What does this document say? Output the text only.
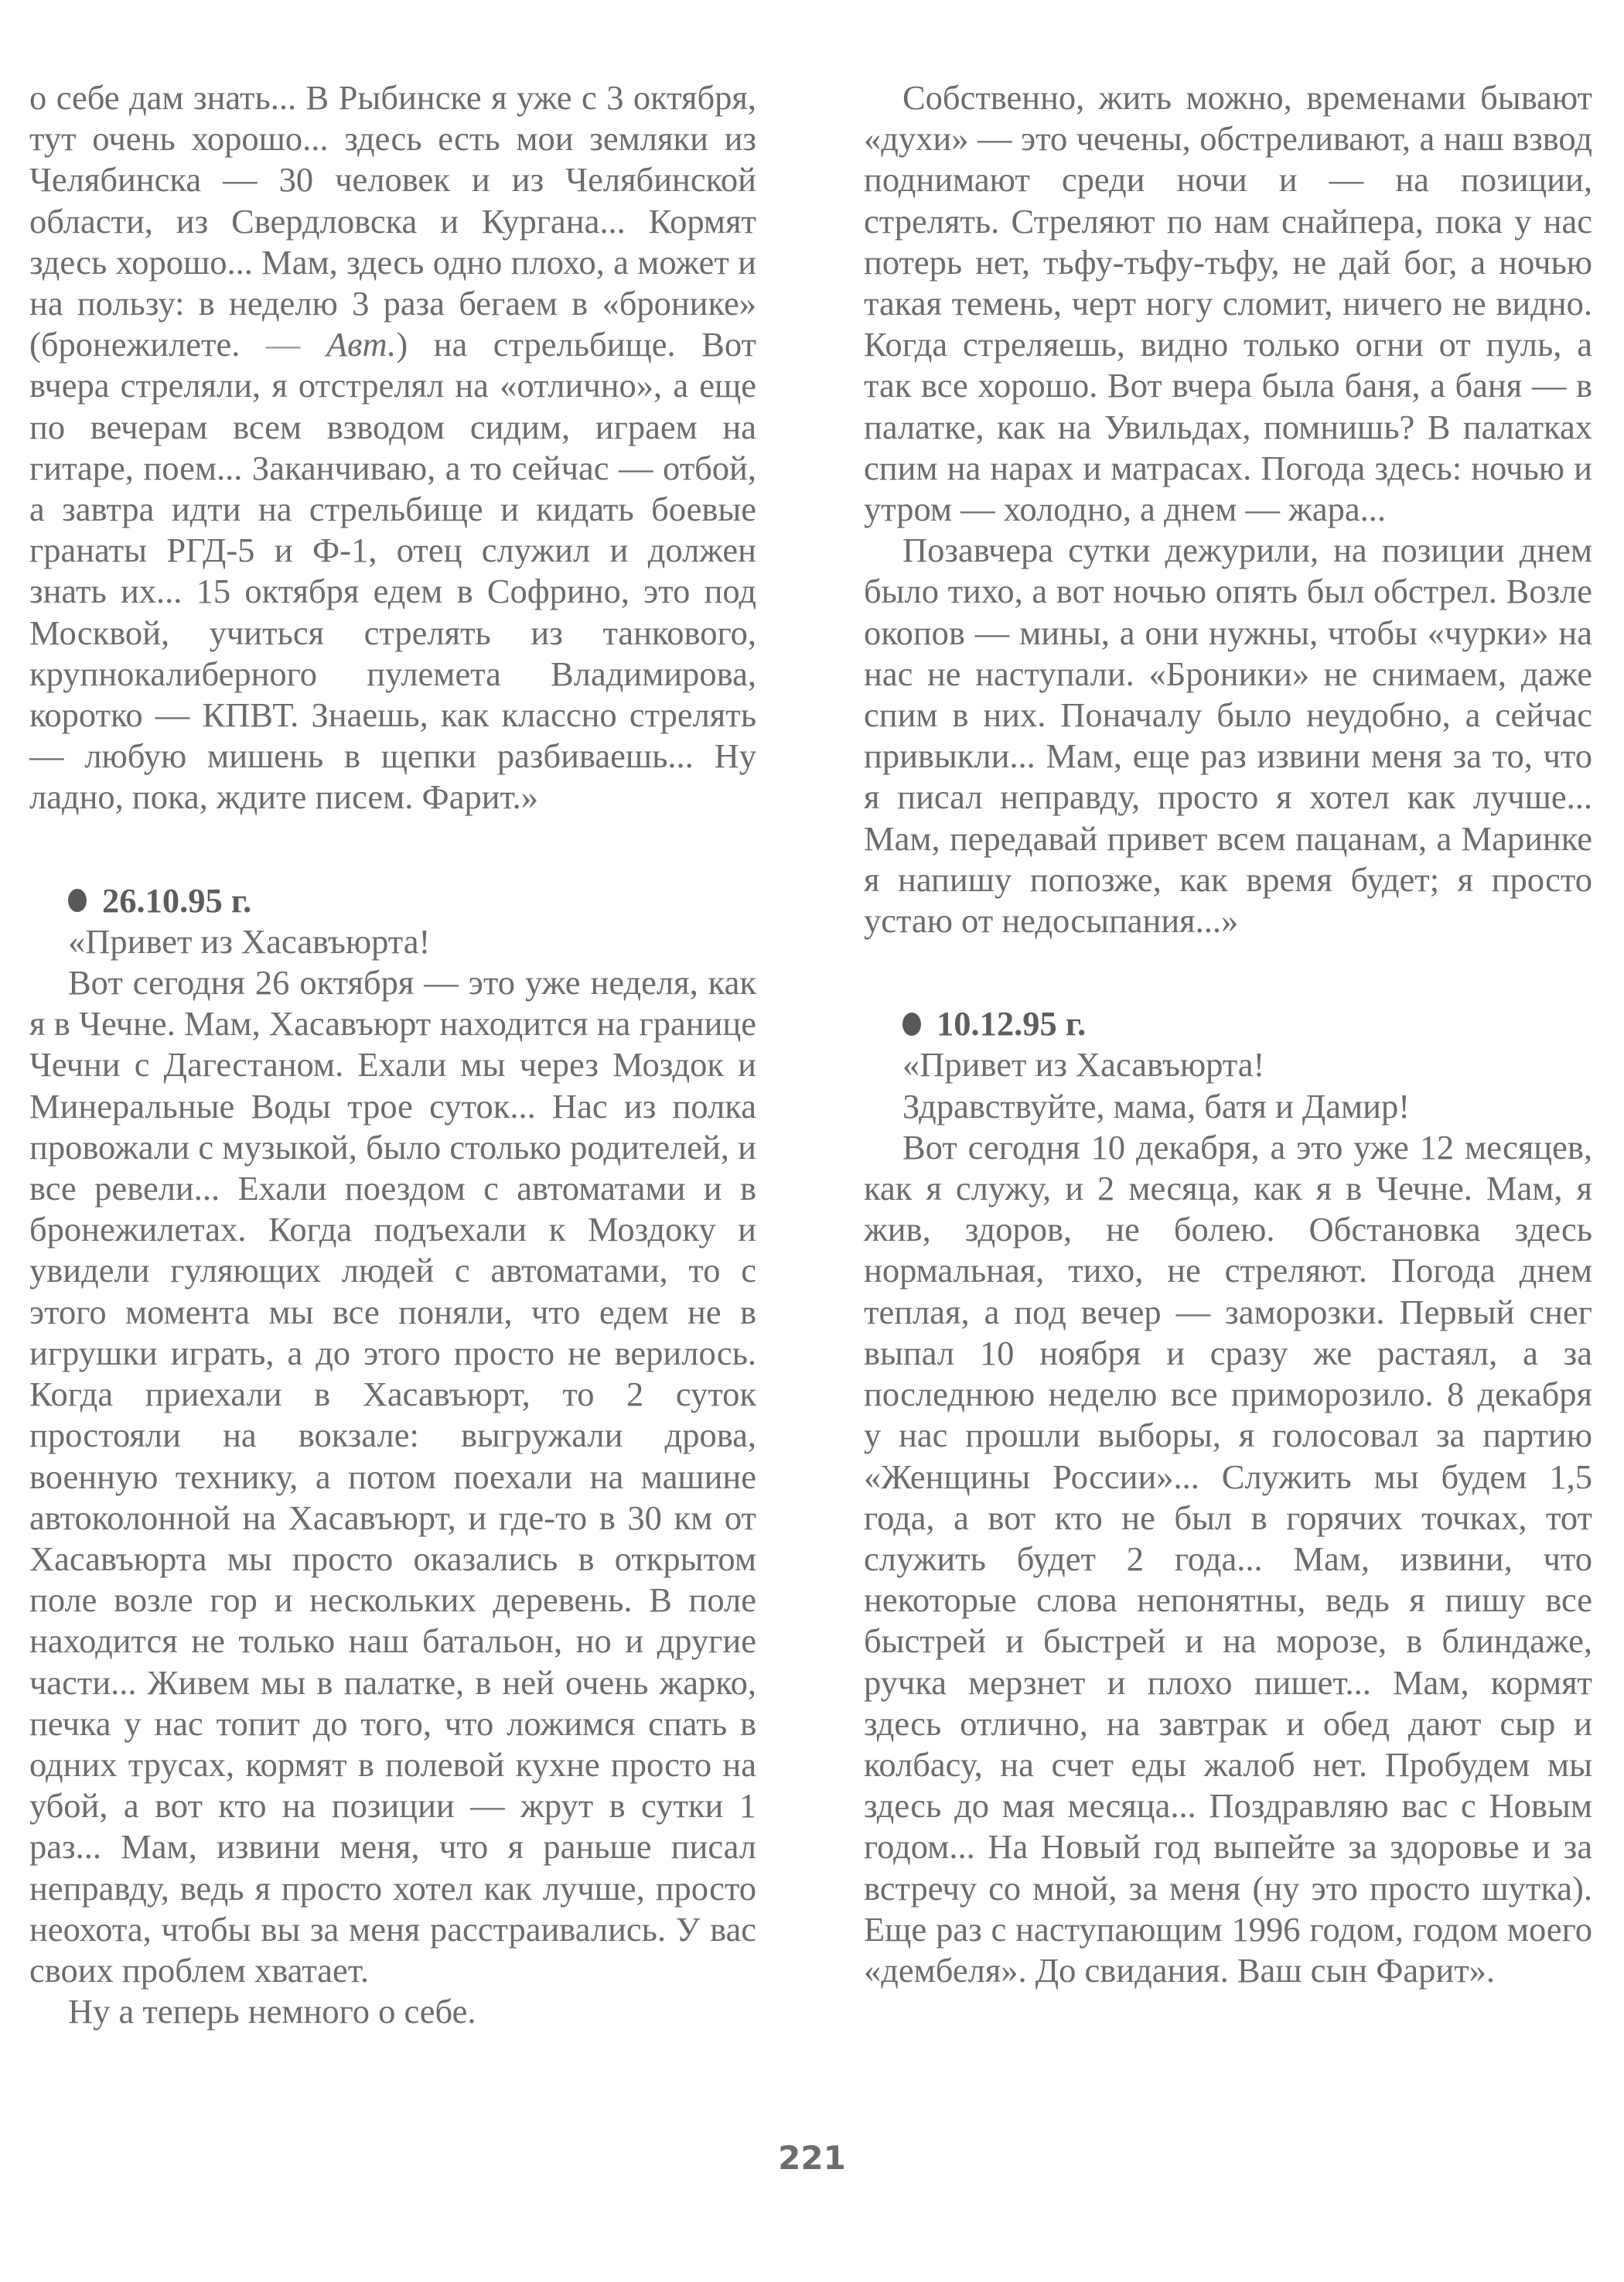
о себе дам знать... В Рыбинске я уже с 3 октября, тут очень хорошо... здесь есть мои земляки из Челябинска — 30 человек и из Челябинской области, из Свердловска и Кургана... Кормят здесь хорошо... Мам, здесь одно плохо, а может и на пользу: в неделю 3 раза бегаем в «бронике» (бронежилете. — Авт.) на стрельбище. Вот вчера стреляли, я отстрелял на «отлично», а еще по вечерам всем взводом сидим, играем на гитаре, поем... Заканчиваю, а то сейчас — отбой, а завтра идти на стрельбище и кидать боевые гранаты РГД-5 и Ф-1, отец служил и должен знать их... 15 октября едем в Софрино, это под Москвой, учиться стрелять из танкового, крупнокалиберного пулемета Владимирова, коротко — КПВТ. Знаешь, как классно стрелять — любую мишень в щепки разбиваешь... Ну ладно, пока, ждите писем. Фарит.»

26.10.95 г.

«Привет из Хасавъюрта!

Вот сегодня 26 октября — это уже неделя, как я в Чечне. Мам, Хасавъюрт находится на границе Чечни с Дагестаном. Ехали мы через Моздок и Минеральные Воды трое суток... Нас из полка провожали с музыкой, было столько родителей, и все ревели... Ехали поездом с автоматами и в бронежилетах. Когда подъехали к Моздоку и увидели гуляющих людей с автоматами, то с этого момента мы все поняли, что едем не в игрушки играть, а до этого просто не верилось. Когда приехали в Хасавъюрт, то 2 суток простояли на вокзале: выгружали дрова, военную технику, а потом поехали на машине автоколонной на Хасавъюрт, и где-то в 30 км от Хасавъюрта мы просто оказались в открытом поле возле гор и нескольких деревень. В поле находится не только наш батальон, но и другие части... Живем мы в палатке, в ней очень жарко, печка у нас топит до того, что ложимся спать в одних трусах, кормят в полевой кухне просто на убой, а вот кто на позиции — жрут в сутки 1 раз... Мам, извини меня, что я раньше писал неправду, ведь я просто хотел как лучше, просто неохота, чтобы вы за меня расстраивались. У вас своих проблем хватает.

Ну а теперь немного о себе.

Собственно, жить можно, временами бывают «духи» — это чечены, обстреливают, а наш взвод поднимают среди ночи и — на позиции, стрелять. Стреляют по нам снайпера, пока у нас потерь нет, тьфу-тьфу-тьфу, не дай бог, а ночью такая темень, черт ногу сломит, ничего не видно. Когда стреляешь, видно только огни от пуль, а так все хорошо. Вот вчера была баня, а баня — в палатке, как на Увильдах, помнишь? В палатках спим на нарах и матрасах. Погода здесь: ночью и утром — холодно, а днем — жара...

Позавчера сутки дежурили, на позиции днем было тихо, а вот ночью опять был обстрел. Возле окопов — мины, а они нужны, чтобы «чурки» на нас не наступали. «Броники» не снимаем, даже спим в них. Поначалу было неудобно, а сейчас привыкли... Мам, еще раз извини меня за то, что я писал неправду, просто я хотел как лучше... Мам, передавай привет всем пацанам, а Маринке я напишу попозже, как время будет; я просто устаю от недосыпания...»

10.12.95 г.

«Привет из Хасавъюрта!

Здравствуйте, мама, батя и Дамир!

Вот сегодня 10 декабря, а это уже 12 месяцев, как я служу, и 2 месяца, как я в Чечне. Мам, я жив, здоров, не болею. Обстановка здесь нормальная, тихо, не стреляют. Погода днем теплая, а под вечер — заморозки. Первый снег выпал 10 ноября и сразу же растаял, а за последнюю неделю все приморозило. 8 декабря у нас прошли выборы, я голосовал за партию «Женщины России»... Служить мы будем 1,5 года, а вот кто не был в горячих точках, тот служить будет 2 года... Мам, извини, что некоторые слова непонятны, ведь я пишу все быстрей и быстрей и на морозе, в блиндаже, ручка мерзнет и плохо пишет... Мам, кормят здесь отлично, на завтрак и обед дают сыр и колбасу, на счет еды жалоб нет. Пробудем мы здесь до мая месяца... Поздравляю вас с Новым годом... На Новый год выпейте за здоровье и за встречу со мной, за меня (ну это просто шутка). Еще раз с наступающим 1996 годом, годом моего «дембеля». До свидания. Ваш сын Фарит».

221
